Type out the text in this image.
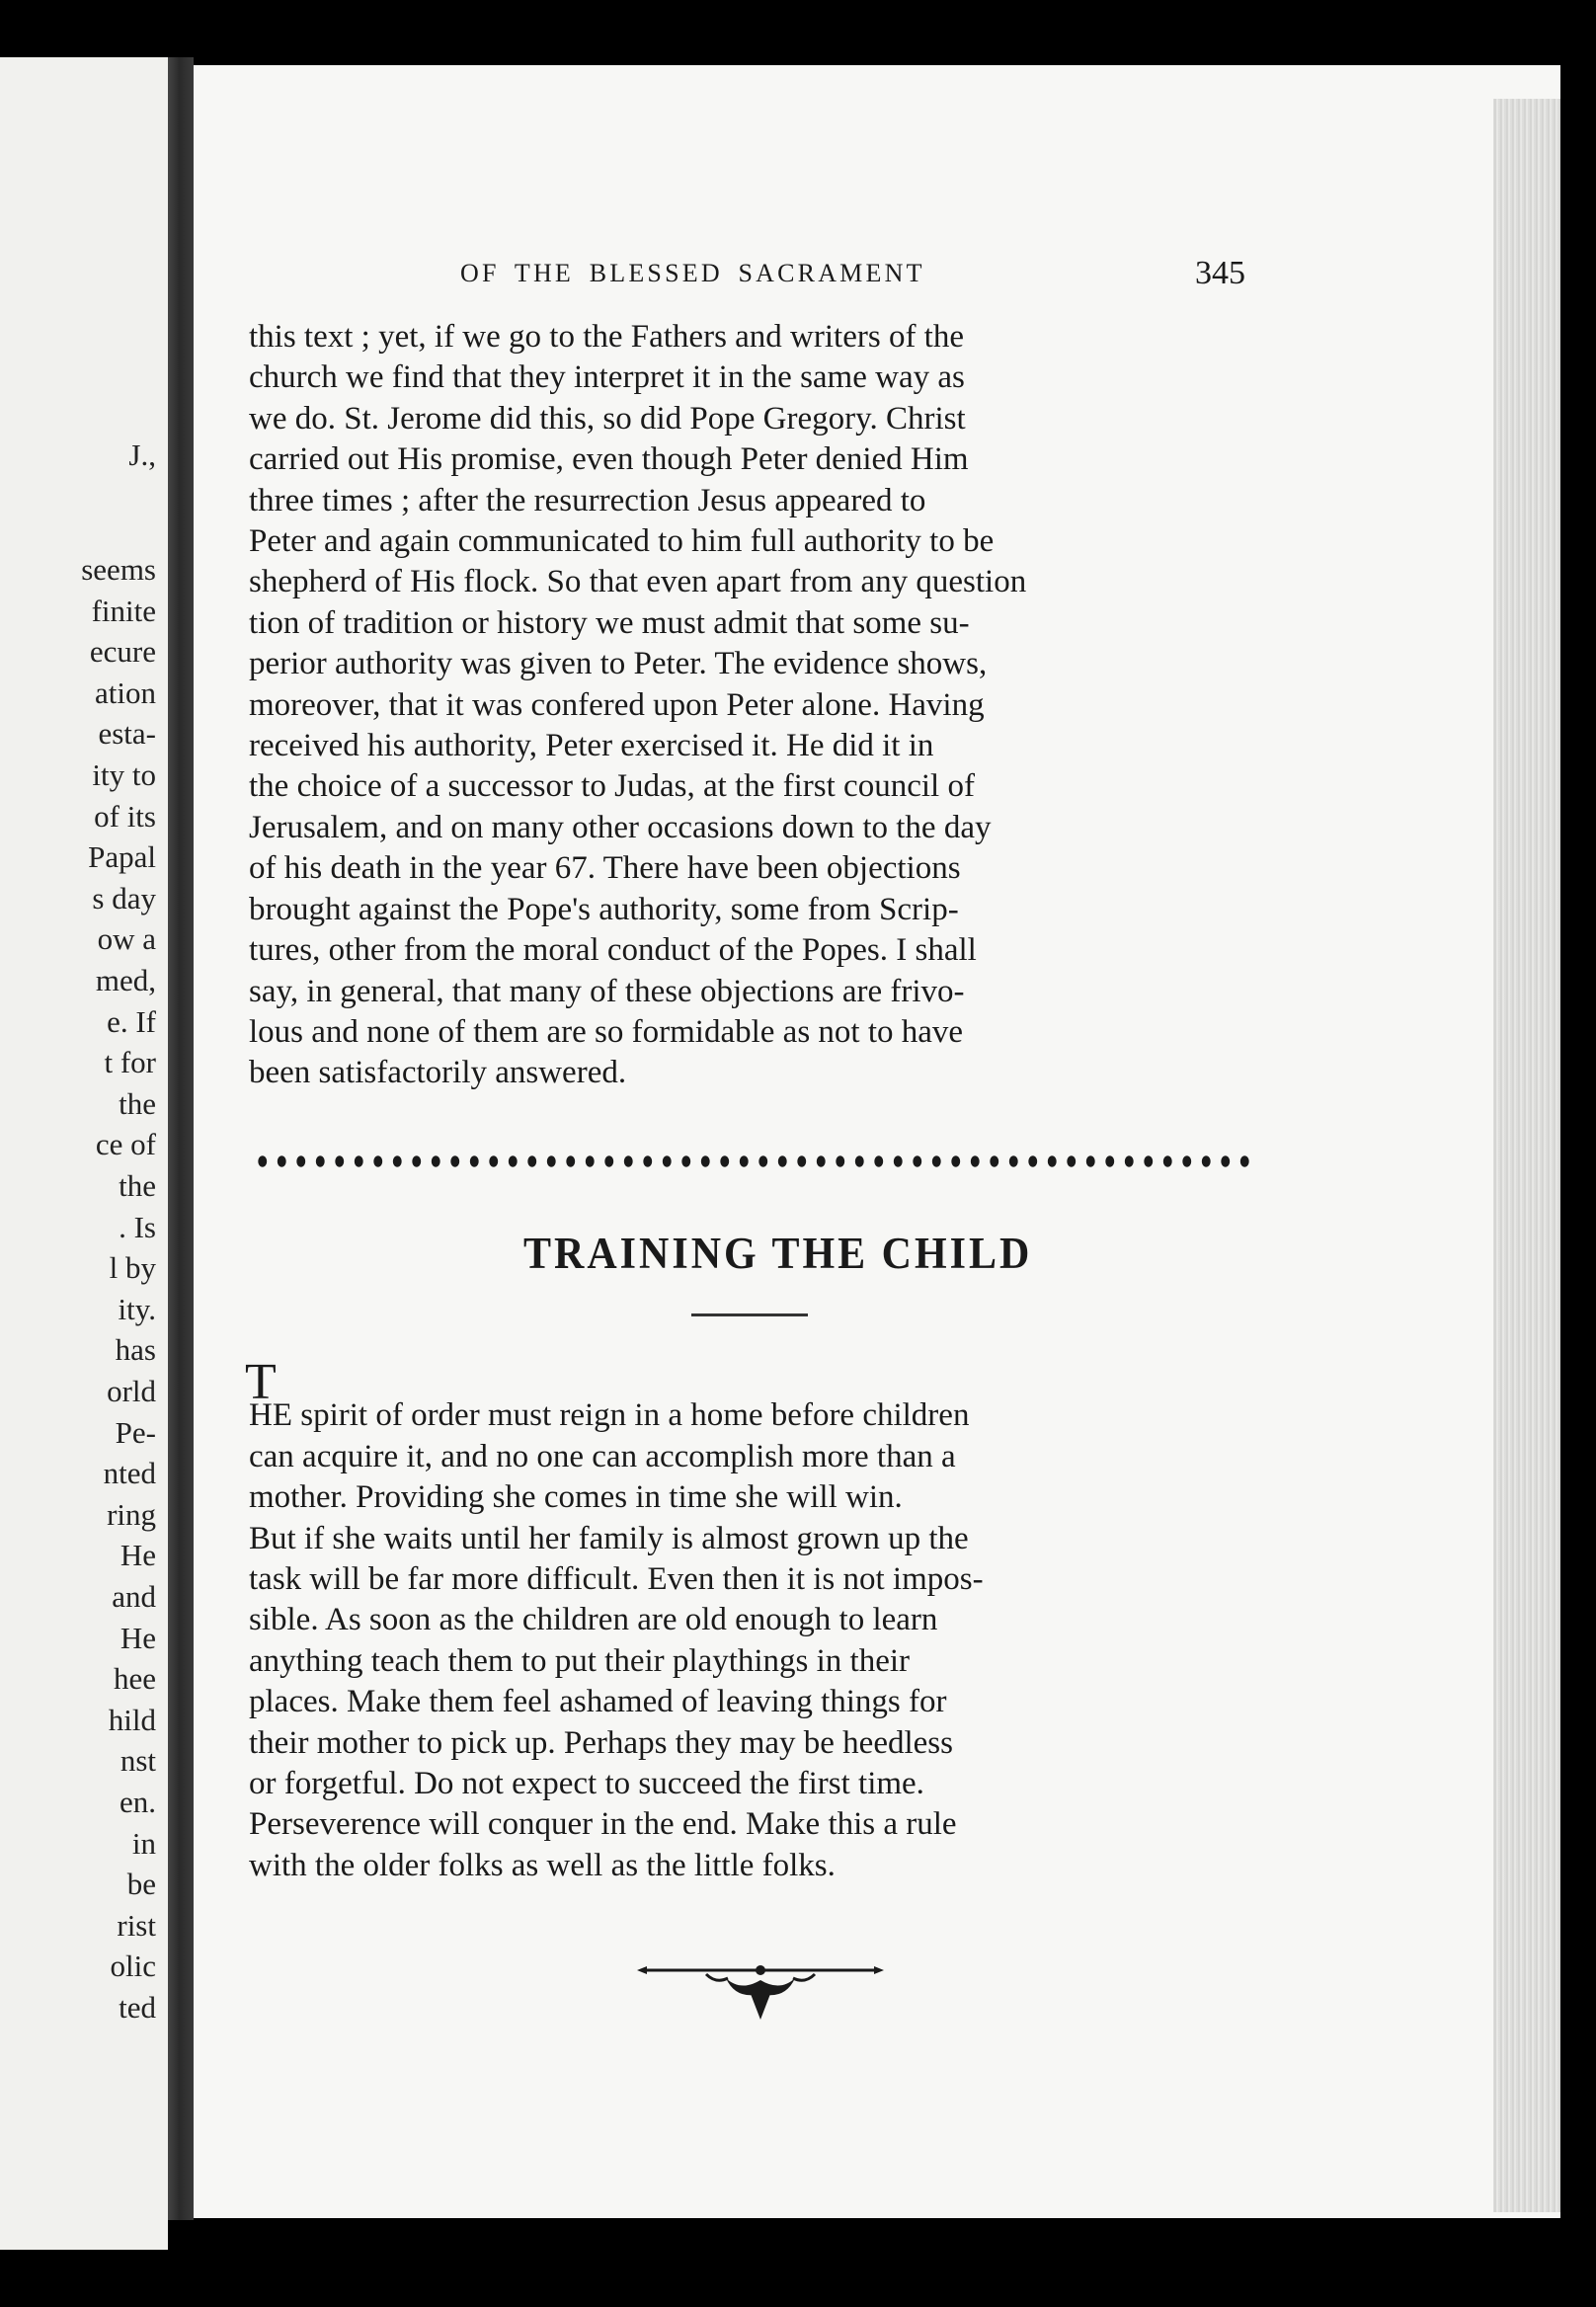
J.,
seems
finite
ecure
ation
esta-
ity to
of its
Papal
s day
ow a
med,
e. If
t for
the
ce of
the
. Is
l by
ity.
has
orld
Pe-
nted
ring
He
and
He
hee
hild
nst
en.
in
be
rist
olic
ted
OF THE BLESSED SACRAMENT	345
this text ; yet, if we go to the Fathers and writers of the
church we find that they interpret it in the same way as
we do. St. Jerome did this, so did Pope Gregory. Christ
carried out His promise, even though Peter denied Him
three times ; after the resurrection Jesus appeared to
Peter and again communicated to him full authority to be
shepherd of His flock. So that even apart from any question
tion of tradition or history we must admit that some su-
perior authority was given to Peter. The evidence shows,
moreover, that it was confered upon Peter alone. Having
received his authority, Peter exercised it. He did it in
the choice of a successor to Judas, at the first council of
Jerusalem, and on many other occasions down to the day
of his death in the year 67. There have been objections
brought against the Pope's authority, some from Scrip-
tures, other from the moral conduct of the Popes. I shall
say, in general, that many of these objections are frivo-
lous and none of them are so formidable as not to have
been satisfactorily answered.
TRAINING THE CHILD
T

HE spirit of order must reign in a home before children
can acquire it, and no one can accomplish more than a
mother. Providing she comes in time she will win.
But if she waits until her family is almost grown up the
task will be far more difficult. Even then it is not impos-
sible. As soon as the children are old enough to learn
anything teach them to put their playthings in their
places. Make them feel ashamed of leaving things for
their mother to pick up. Perhaps they may be heedless
or forgetful. Do not expect to succeed the first time.
Perseverence will conquer in the end. Make this a rule
with the older folks as well as the little folks.
